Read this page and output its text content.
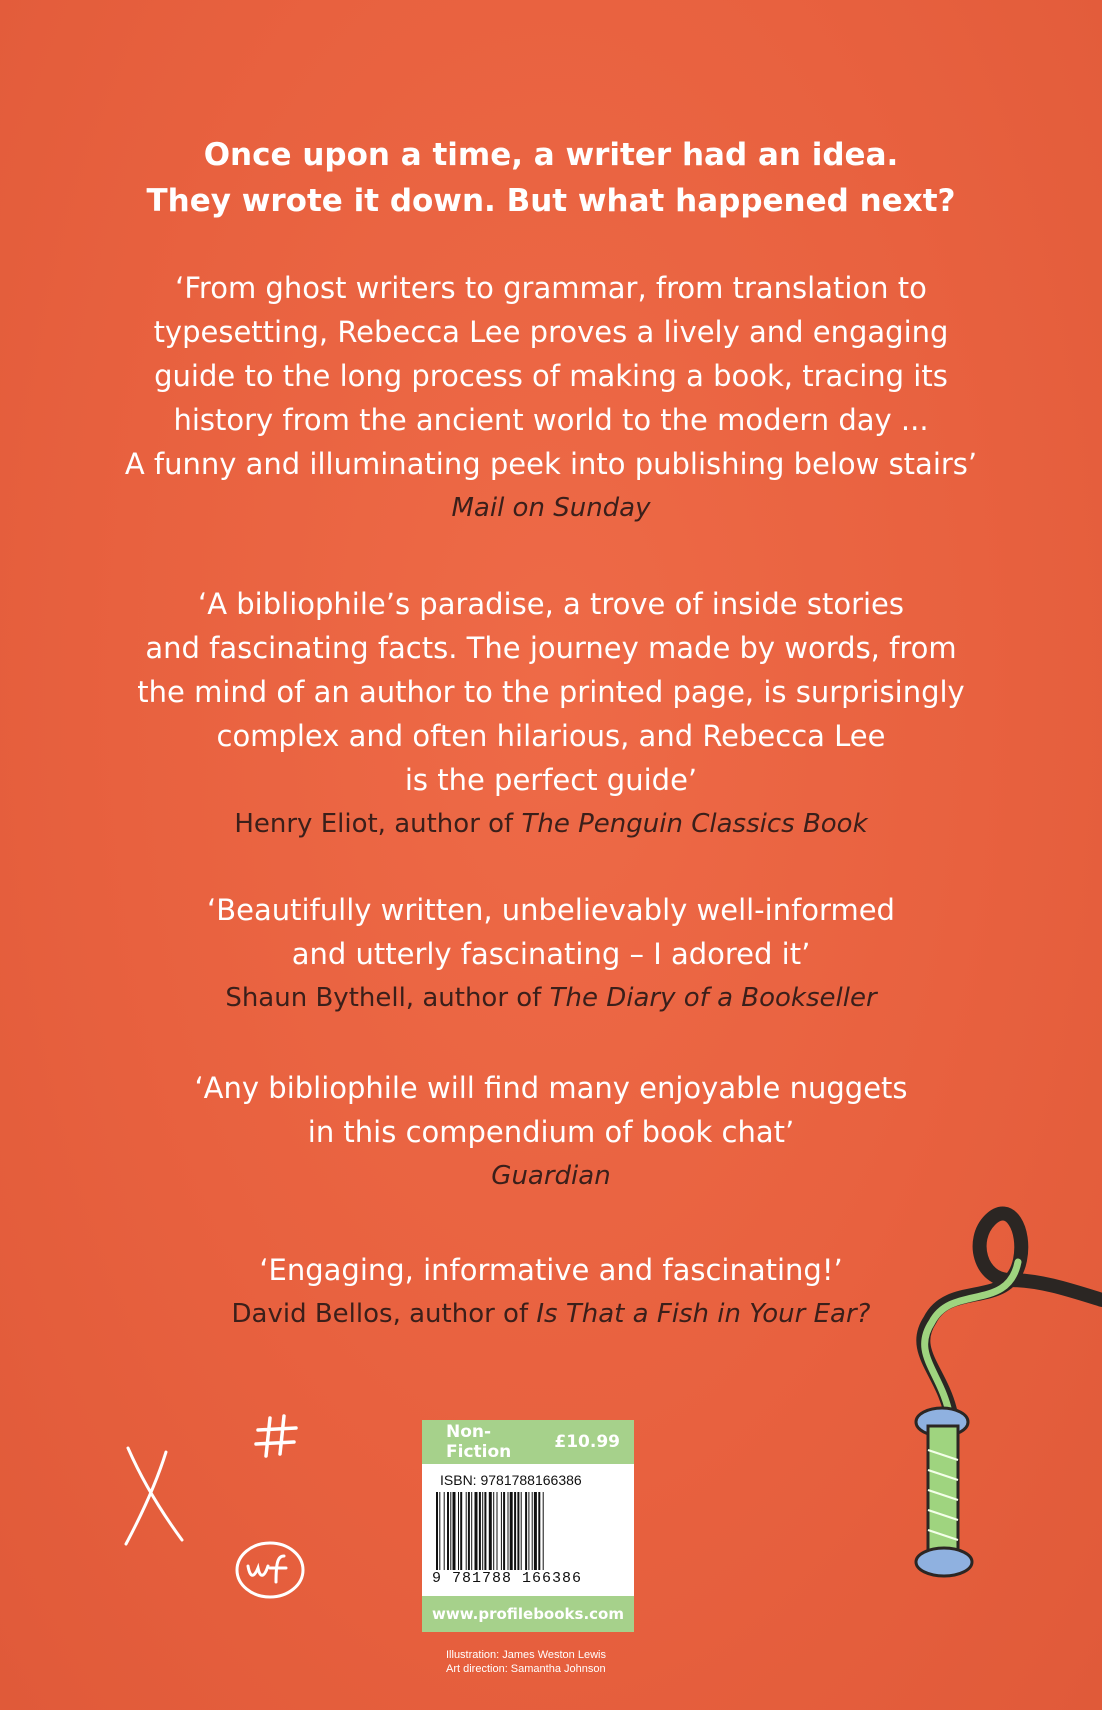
Once upon a time, a writer had an idea.
They wrote it down. But what happened next?
‘From ghost writers to grammar, from translation to
typesetting, Rebecca Lee proves a lively and engaging
guide to the long process of making a book, tracing its
history from the ancient world to the modern day ...
A funny and illuminating peek into publishing below stairs’
Mail on Sunday
‘A bibliophile’s paradise, a trove of inside stories
and fascinating facts. The journey made by words, from
the mind of an author to the printed page, is surprisingly
complex and often hilarious, and Rebecca Lee
is the perfect guide’
Henry Eliot, author of The Penguin Classics Book
‘Beautifully written, unbelievably well-informed
and utterly fascinating – I adored it’
Shaun Bythell, author of The Diary of a Bookseller
‘Any bibliophile will find many enjoyable nuggets
in this compendium of book chat’
Guardian
‘Engaging, informative and fascinating!’
David Bellos, author of Is That a Fish in Your Ear?
Non-Fiction	£10.99
ISBN: 9781788166386
9 781788 166386
www.profilebooks.com
Illustration: James Weston Lewis
Art direction: Samantha Johnson
